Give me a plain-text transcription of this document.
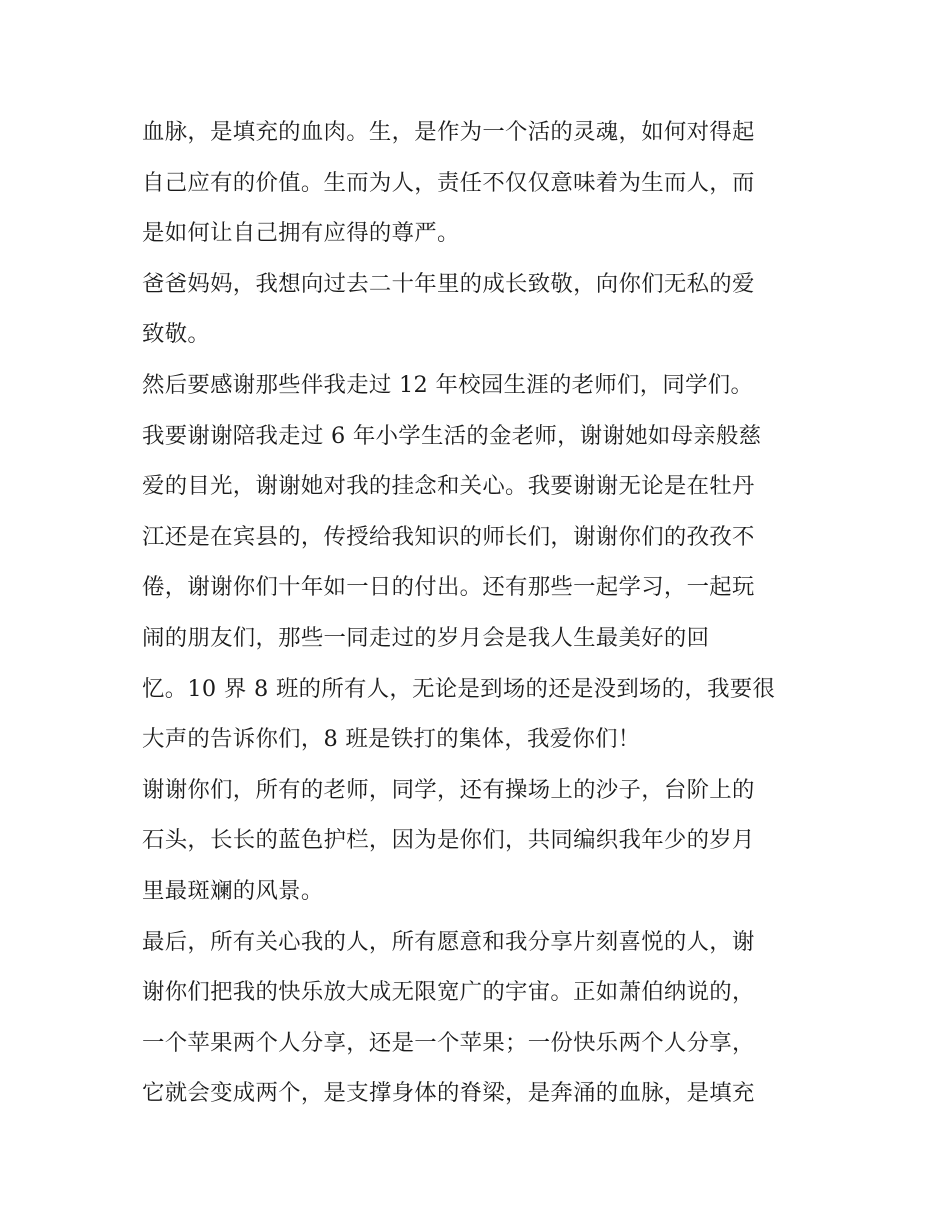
血脉，是填充的血肉。生，是作为一个活的灵魂，如何对得起
自己应有的价值。生而为人，责任不仅仅意味着为生而人，而
是如何让自己拥有应得的尊严。
爸爸妈妈，我想向过去二十年里的成长致敬，向你们无私的爱
致敬。
然后要感谢那些伴我走过 12 年校园生涯的老师们，同学们。
我要谢谢陪我走过 6 年小学生活的金老师，谢谢她如母亲般慈
爱的目光，谢谢她对我的挂念和关心。我要谢谢无论是在牡丹
江还是在宾县的，传授给我知识的师长们，谢谢你们的孜孜不
倦，谢谢你们十年如一日的付出。还有那些一起学习，一起玩
闹的朋友们，那些一同走过的岁月会是我人生最美好的回
忆。10 界 8 班的所有人，无论是到场的还是没到场的，我要很
大声的告诉你们，8 班是铁打的集体，我爱你们！
谢谢你们，所有的老师，同学，还有操场上的沙子，台阶上的
石头，长长的蓝色护栏，因为是你们，共同编织我年少的岁月
里最斑斓的风景。
最后，所有关心我的人，所有愿意和我分享片刻喜悦的人，谢
谢你们把我的快乐放大成无限宽广的宇宙。正如萧伯纳说的，
一个苹果两个人分享，还是一个苹果；一份快乐两个人分享，
它就会变成两个，是支撑身体的脊梁，是奔涌的血脉，是填充
